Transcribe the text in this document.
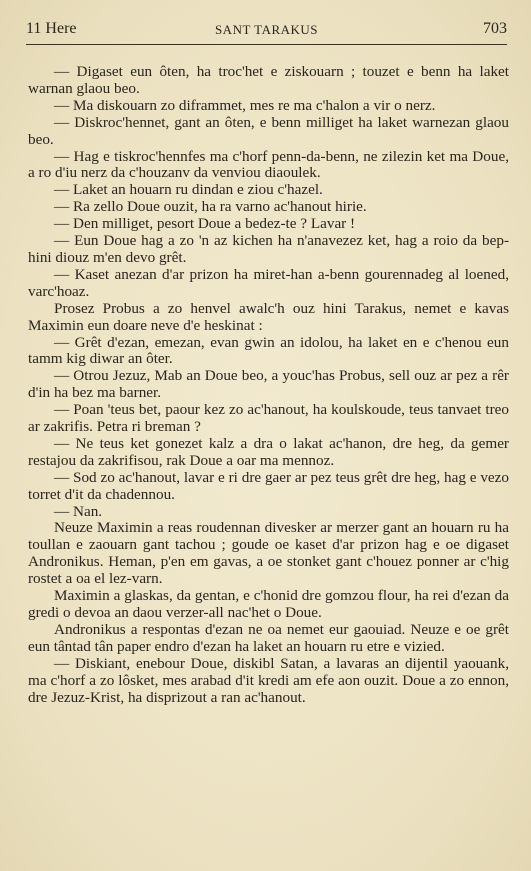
11 Here	SANT TARAKUS	703

— Digaset eun ôten, ha troc'het e ziskouarn ; touzet e benn ha laket warnan glaou beo.

— Ma diskouarn zo diframmet, mes re ma c'halon a vir o nerz.

— Diskroc'hennet, gant an ôten, e benn milliget ha laket warnezan glaou beo.

— Hag e tiskroc'hennfes ma c'horf penn-da-benn, ne zilezin ket ma Doue, a ro d'iu nerz da c'houzanv da venviou diaoulek.

— Laket an houarn ru dindan e ziou c'hazel.

— Ra zello Doue ouzit, ha ra varno ac'hanout hirie.

— Den milliget, pesort Doue a bedez-te ? Lavar !

— Eun Doue hag a zo 'n az kichen ha n'anavezez ket, hag a roio da bep-hini diouz m'en devo grêt.

— Kaset anezan d'ar prizon ha miret-han a-benn gourennadeg al loened, varc'hoaz.

Prosez Probus a zo henvel awalc'h ouz hini Tarakus, nemet e kavas Maximin eun doare neve d'e heskinat :

— Grêt d'ezan, emezan, evan gwin an idolou, ha laket en e c'henou eun tamm kig diwar an ôter.

— Otrou Jezuz, Mab an Doue beo, a youc'has Probus, sell ouz ar pez a rêr d'in ha bez ma barner.

— Poan 'teus bet, paour kez zo ac'hanout, ha koulskoude, teus tanvaet treo ar zakrifis. Petra ri breman ?

— Ne teus ket gonezet kalz a dra o lakat ac'hanon, dre heg, da gemer restajou da zakrifisou, rak Doue a oar ma mennoz.

— Sod zo ac'hanout, lavar e ri dre gaer ar pez teus grêt dre heg, hag e vezo torret d'it da chadennou.

— Nan.

Neuze Maximin a reas roudennan divesker ar merzer gant an houarn ru ha toullan e zaouarn gant tachou ; goude oe kaset d'ar prizon hag e oe digaset Andronikus. Heman, p'en em gavas, a oe stonket gant c'houez ponner ar c'hig rostet a oa el lez-varn.

Maximin a glaskas, da gentan, e c'honid dre gomzou flour, ha rei d'ezan da gredi o devoa an daou verzer-all nac'het o Doue.

Andronikus a respontas d'ezan ne oa nemet eur gaouiad. Neuze e oe grêt eun tântad tân paper endro d'ezan ha laket an houarn ru etre e vizied.

— Diskiant, enebour Doue, diskibl Satan, a lavaras an dijentil yaouank, ma c'horf a zo lôsket, mes arabad d'it kredi am efe aon ouzit. Doue a zo ennon, dre Jezuz-Krist, ha disprizout a ran ac'hanout.
